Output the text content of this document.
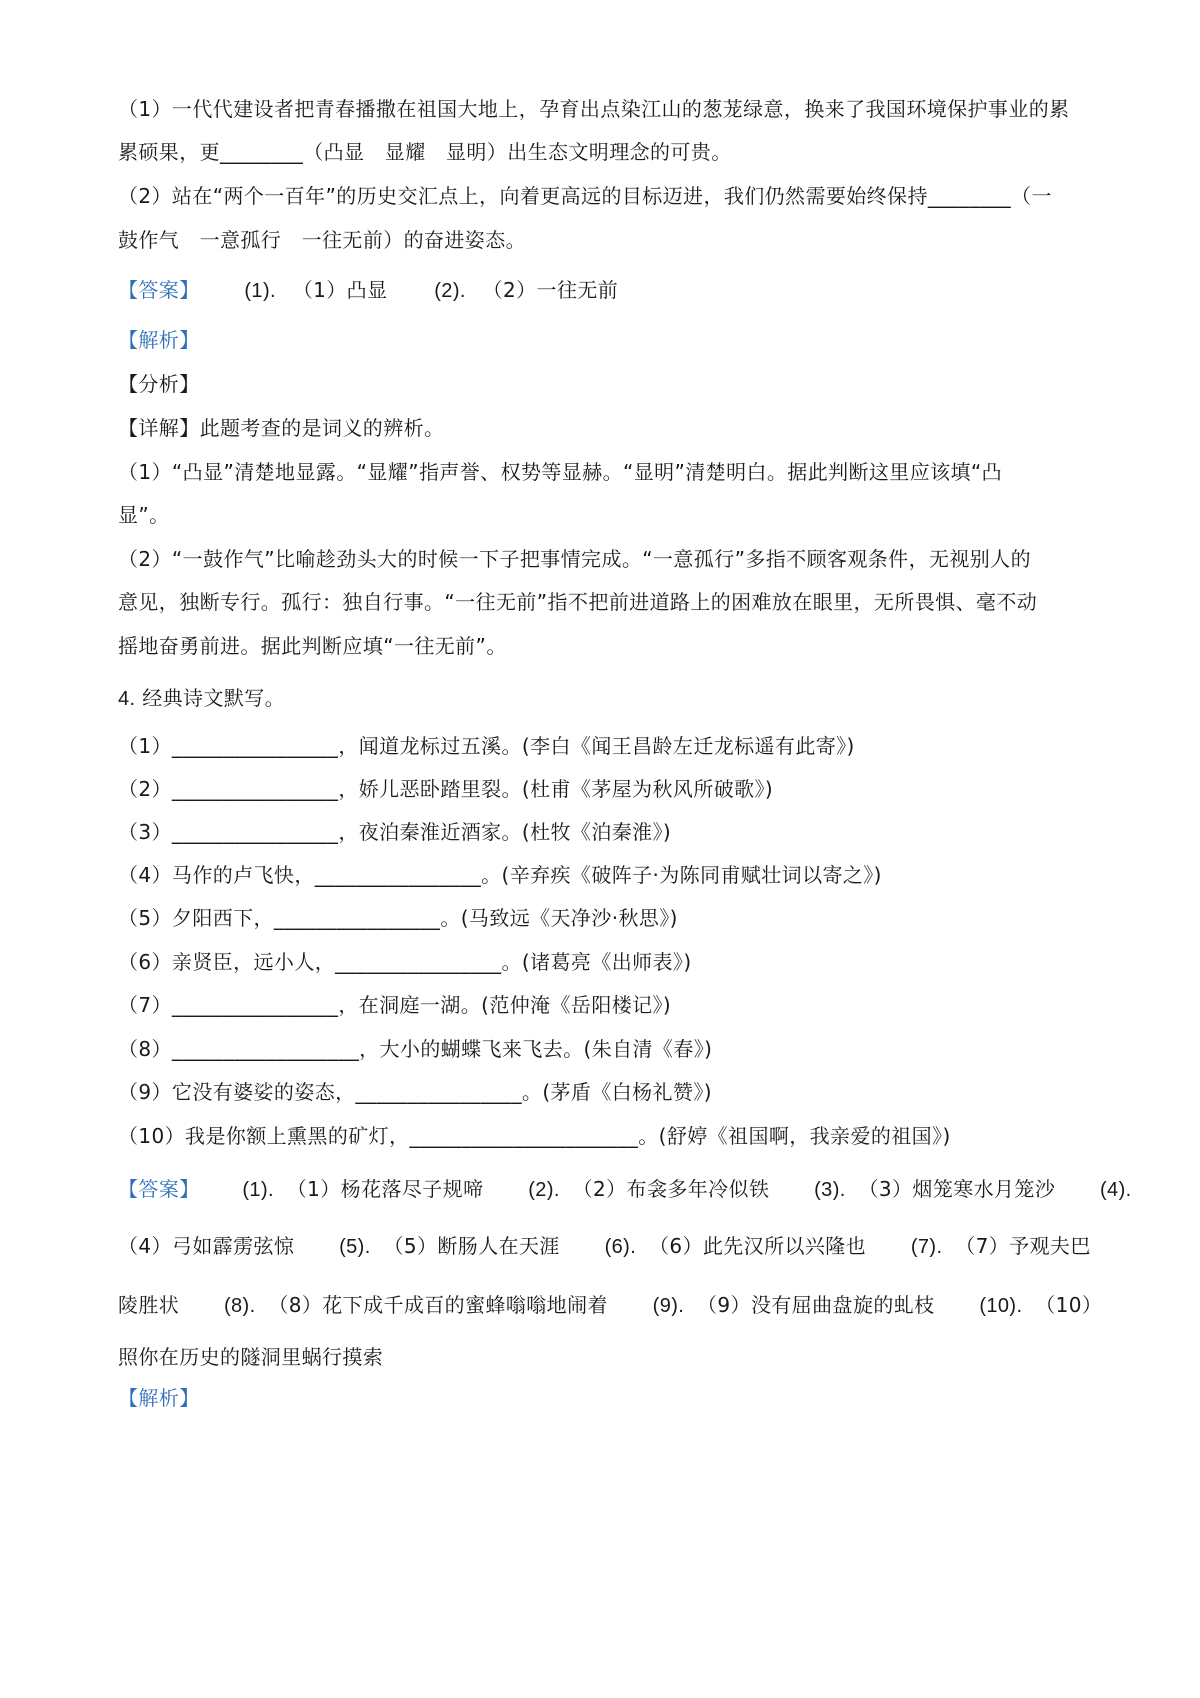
（1）一代代建设者把青春播撒在祖国大地上，孕育出点染江山的葱茏绿意，换来了我国环境保护事业的累
累硕果，更________（凸显　显耀　显明）出生态文明理念的可贵。
（2）站在“两个一百年”的历史交汇点上，向着更高远的目标迈进，我们仍然需要始终保持________（一
鼓作气　一意孤行　一往无前）的奋进姿态。
【答案】 (1). （1）凸显 (2). （2）一往无前
【解析】
【分析】
【详解】此题考查的是词义的辨析。
（1）“凸显”清楚地显露。“显耀”指声誉、权势等显赫。“显明”清楚明白。据此判断这里应该填“凸
显”。
（2）“一鼓作气”比喻趁劲头大的时候一下子把事情完成。“一意孤行”多指不顾客观条件，无视别人的
意见，独断专行。孤行：独自行事。“一往无前”指不把前进道路上的困难放在眼里，无所畏惧、毫不动
摇地奋勇前进。据此判断应填“一往无前”。
4. 经典诗文默写。
（1）________________，闻道龙标过五溪。(李白《闻王昌龄左迁龙标遥有此寄》)
（2）________________，娇儿恶卧踏里裂。(杜甫《茅屋为秋风所破歌》)
（3）________________，夜泊秦淮近酒家。(杜牧《泊秦淮》)
（4）马作的卢飞快，________________。(辛弃疾《破阵子·为陈同甫赋壮词以寄之》)
（5）夕阳西下，________________。(马致远《天净沙·秋思》)
（6）亲贤臣，远小人，________________。(诸葛亮《出师表》)
（7）________________，在洞庭一湖。(范仲淹《岳阳楼记》)
（8）__________________，大小的蝴蝶飞来飞去。(朱自清《春》)
（9）它没有婆娑的姿态，________________。(茅盾《白杨礼赞》)
（10）我是你额上熏黑的矿灯，______________________。(舒婷《祖国啊，我亲爱的祖国》)
【答案】 (1). （1）杨花落尽子规啼 (2). （2）布衾多年冷似铁 (3). （3）烟笼寒水月笼沙 (4).
（4）弓如霹雳弦惊 (5). （5）断肠人在天涯 (6). （6）此先汉所以兴隆也 (7). （7）予观夫巴
陵胜状 (8). （8）花下成千成百的蜜蜂嗡嗡地闹着 (9). （9）没有屈曲盘旋的虬枝 (10). （10）
照你在历史的隧洞里蜗行摸索
【解析】
